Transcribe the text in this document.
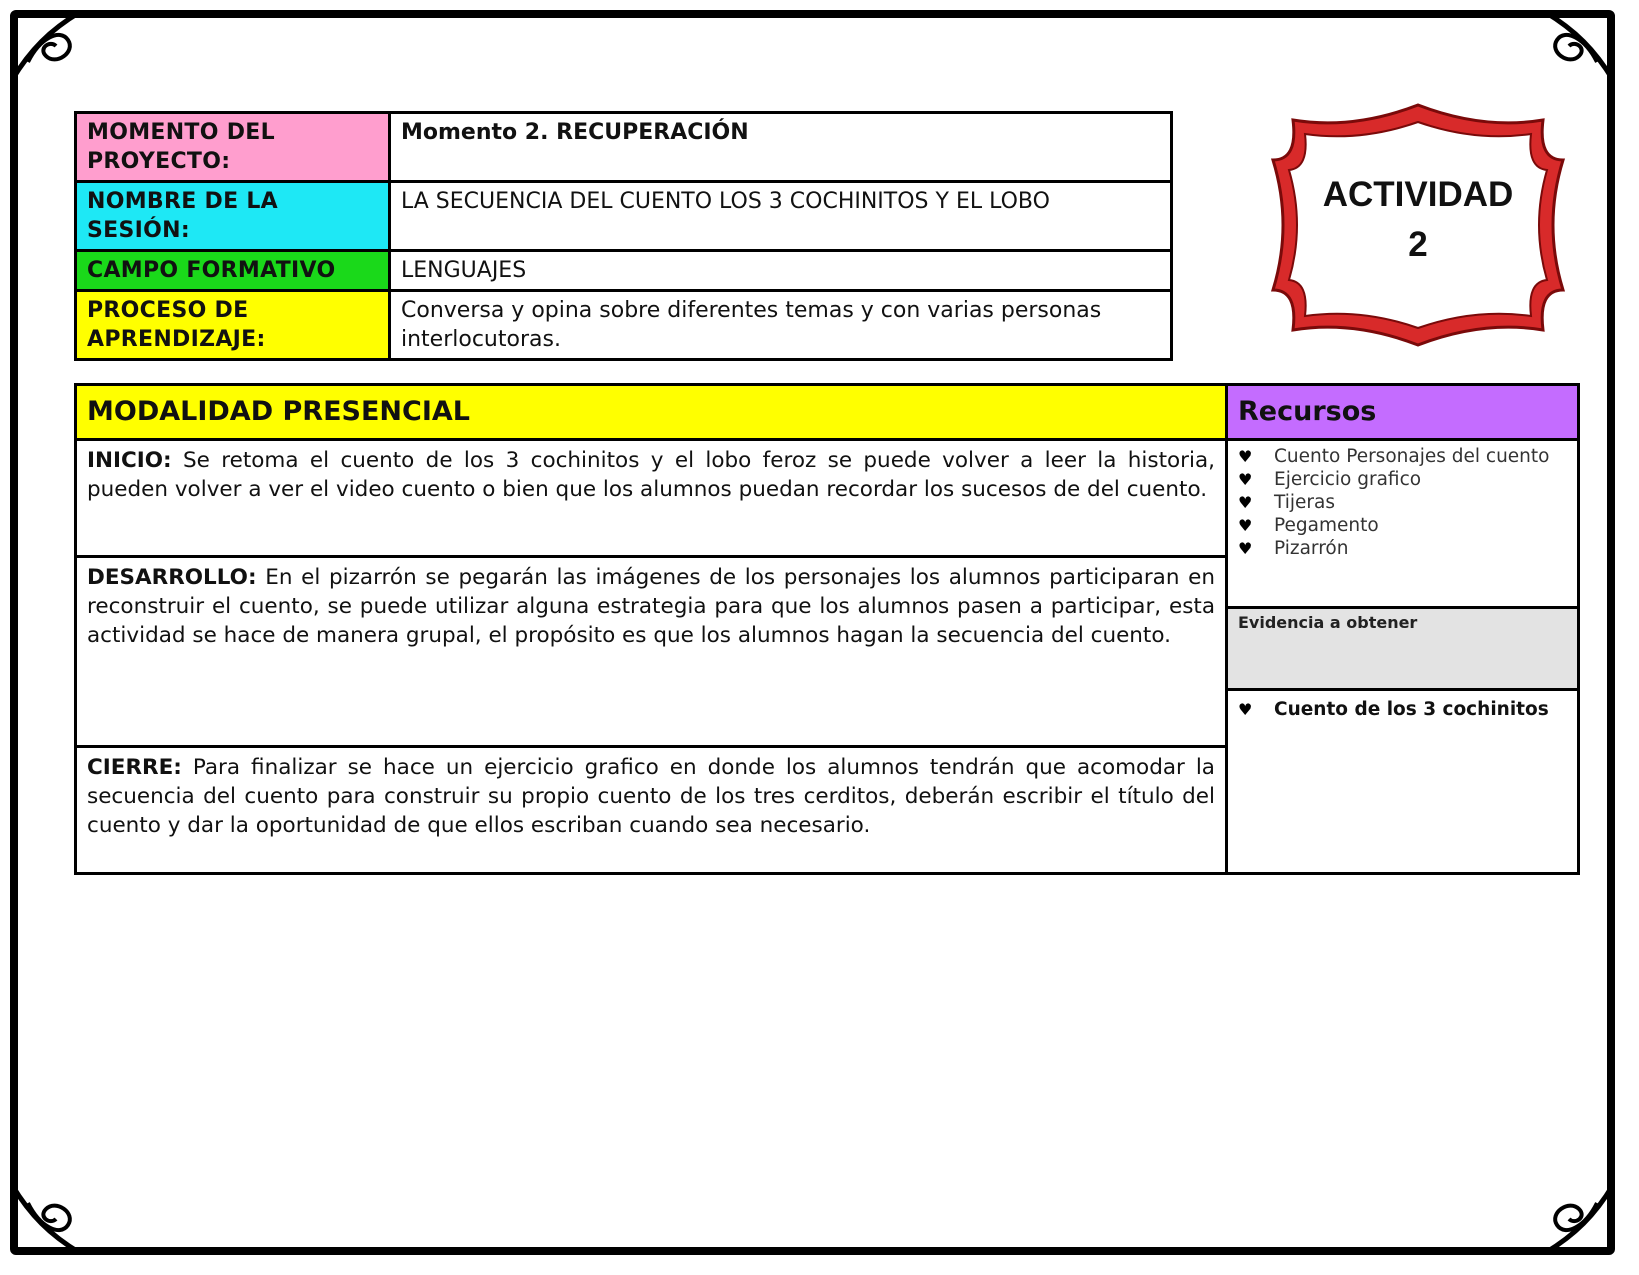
MOMENTO DEL PROYECTO:	Momento 2. RECUPERACIÓN
NOMBRE DE LA SESIÓN:	LA SECUENCIA DEL CUENTO LOS 3 COCHINITOS Y EL LOBO
CAMPO FORMATIVO	LENGUAJES
PROCESO DE APRENDIZAJE:	Conversa y opina sobre diferentes temas y con varias personas interlocutoras.
ACTIVIDAD
2
MODALIDAD PRESENCIAL
INICIO: Se retoma el cuento de los 3 cochinitos y el lobo feroz se puede volver a leer la historia, pueden volver a ver el video cuento o bien que los alumnos puedan recordar los sucesos de del cuento.
DESARROLLO: En el pizarrón se pegarán las imágenes de los personajes los alumnos participaran en reconstruir el cuento, se puede utilizar alguna estrategia para que los alumnos pasen a participar, esta actividad se hace de manera grupal, el propósito es que los alumnos hagan la secuencia del cuento.
CIERRE: Para finalizar se hace un ejercicio grafico en donde los alumnos tendrán que acomodar la secuencia del cuento para construir su propio cuento de los tres cerditos, deberán escribir el título del cuento y dar la oportunidad de que ellos escriban cuando sea necesario.
Recursos
♥ Cuento Personajes del cuento
♥ Ejercicio grafico
♥ Tijeras
♥ Pegamento
♥ Pizarrón
Evidencia a obtener
♥ Cuento de los 3 cochinitos
